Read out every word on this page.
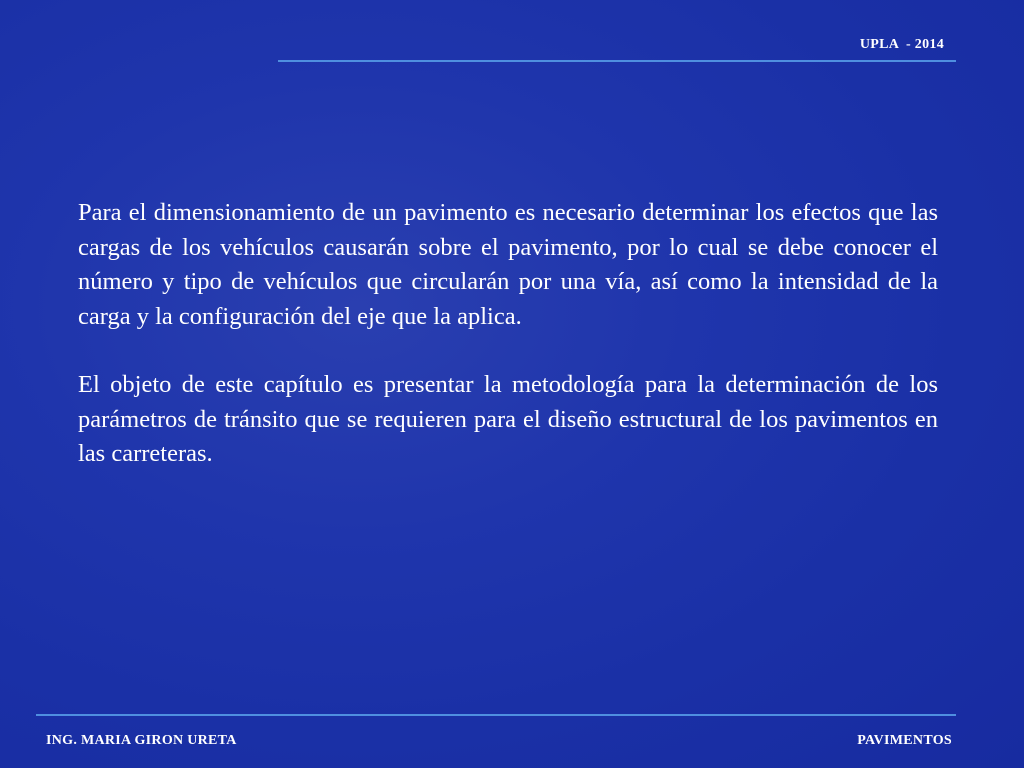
UPLA  - 2014

Para el dimensionamiento de un pavimento es necesario determinar los efectos que las cargas de los vehículos causarán sobre el pavimento, por lo cual se debe conocer el número y tipo de vehículos que circularán por una vía, así como la intensidad de la carga y la configuración del eje que la aplica.

El objeto de este capítulo es presentar la metodología para la determinación de los parámetros de tránsito que se requieren para el diseño estructural de los pavimentos en las carreteras.

ING. MARIA GIRON URETA	PAVIMENTOS
